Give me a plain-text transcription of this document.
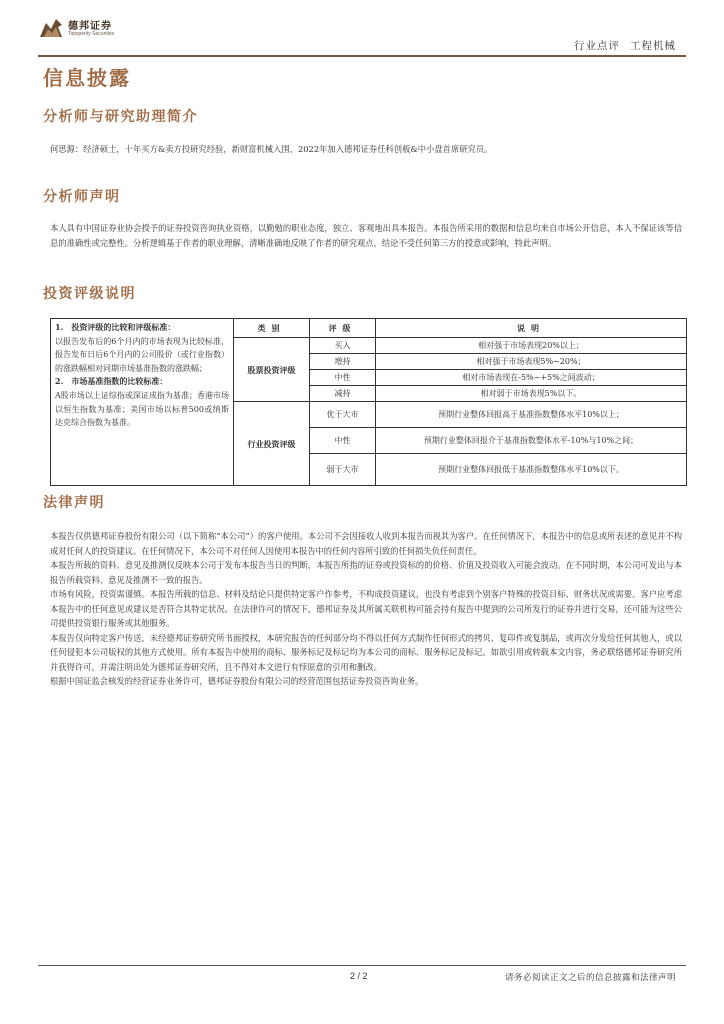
德邦证券
Topsperity Securities
行业点评 工程机械
信息披露
分析师与研究助理简介
何思源：经济硕士，十年买方&卖方投研究经验，新财富机械入围，2022年加入德邦证券任科创板&中小盘首席研究员。
分析师声明
本人具有中国证券业协会授予的证券投资咨询执业资格，以勤勉的职业态度，独立、客观地出具本报告。本报告所采用的数据和信息均来自市场公开信息，本人不保证该等信息的准确性或完整性。分析逻辑基于作者的职业理解，清晰准确地反映了作者的研究观点，结论不受任何第三方的授意或影响，特此声明。
投资评级说明
1.　投资评级的比较和评级标准：
以报告发布后的6个月内的市场表现为比较标准，报告发布日后6个月内的公司股价（或行业指数）的涨跌幅相对同期市场基准指数的涨跌幅；
2.　市场基准指数的比较标准：
A股市场以上证综指或深证成指为基准；香港市场以恒生指数为基准；美国市场以标普500或纳斯达克综合指数为基准。	类别	评级	说明
	股票投资评级	买入	相对强于市场表现20%以上；
		增持	相对强于市场表现5%~20%；
		中性	相对市场表现在-5%~+5%之间波动；
		减持	相对弱于市场表现5%以下。
	行业投资评级	优于大市	预期行业整体回报高于基准指数整体水平10%以上；
		中性	预期行业整体回报介于基准指数整体水平-10%与10%之间；
		弱于大市	预期行业整体回报低于基准指数整体水平10%以下。
法律声明
本报告仅供德邦证券股份有限公司（以下简称“本公司”）的客户使用。本公司不会因接收人收到本报告而视其为客户。在任何情况下，本报告中的信息或所表述的意见并不构成对任何人的投资建议。在任何情况下，本公司不对任何人因使用本报告中的任何内容所引致的任何损失负任何责任。
本报告所载的资料、意见及推测仅反映本公司于发布本报告当日的判断，本报告所指的证券或投资标的的价格、价值及投资收入可能会波动。在不同时期，本公司可发出与本报告所载资料、意见及推测不一致的报告。
市场有风险，投资需谨慎。本报告所载的信息、材料及结论只提供特定客户作参考，不构成投资建议，也没有考虑到个别客户特殊的投资目标、财务状况或需要。客户应考虑本报告中的任何意见或建议是否符合其特定状况。在法律许可的情况下，德邦证券及其所属关联机构可能会持有报告中提到的公司所发行的证券并进行交易，还可能为这些公司提供投资银行服务或其他服务。
本报告仅向特定客户传送，未经德邦证券研究所书面授权，本研究报告的任何部分均不得以任何方式制作任何形式的拷贝、复印件或复制品，或再次分发给任何其他人，或以任何侵犯本公司版权的其他方式使用。所有本报告中使用的商标、服务标记及标记均为本公司的商标、服务标记及标记。如欲引用或转载本文内容，务必联络德邦证券研究所并获得许可，并需注明出处为德邦证券研究所，且不得对本文进行有悖原意的引用和删改。
根据中国证监会核发的经营证券业务许可，德邦证券股份有限公司的经营范围包括证券投资咨询业务。
2 / 2	请务必阅读正文之后的信息披露和法律声明
